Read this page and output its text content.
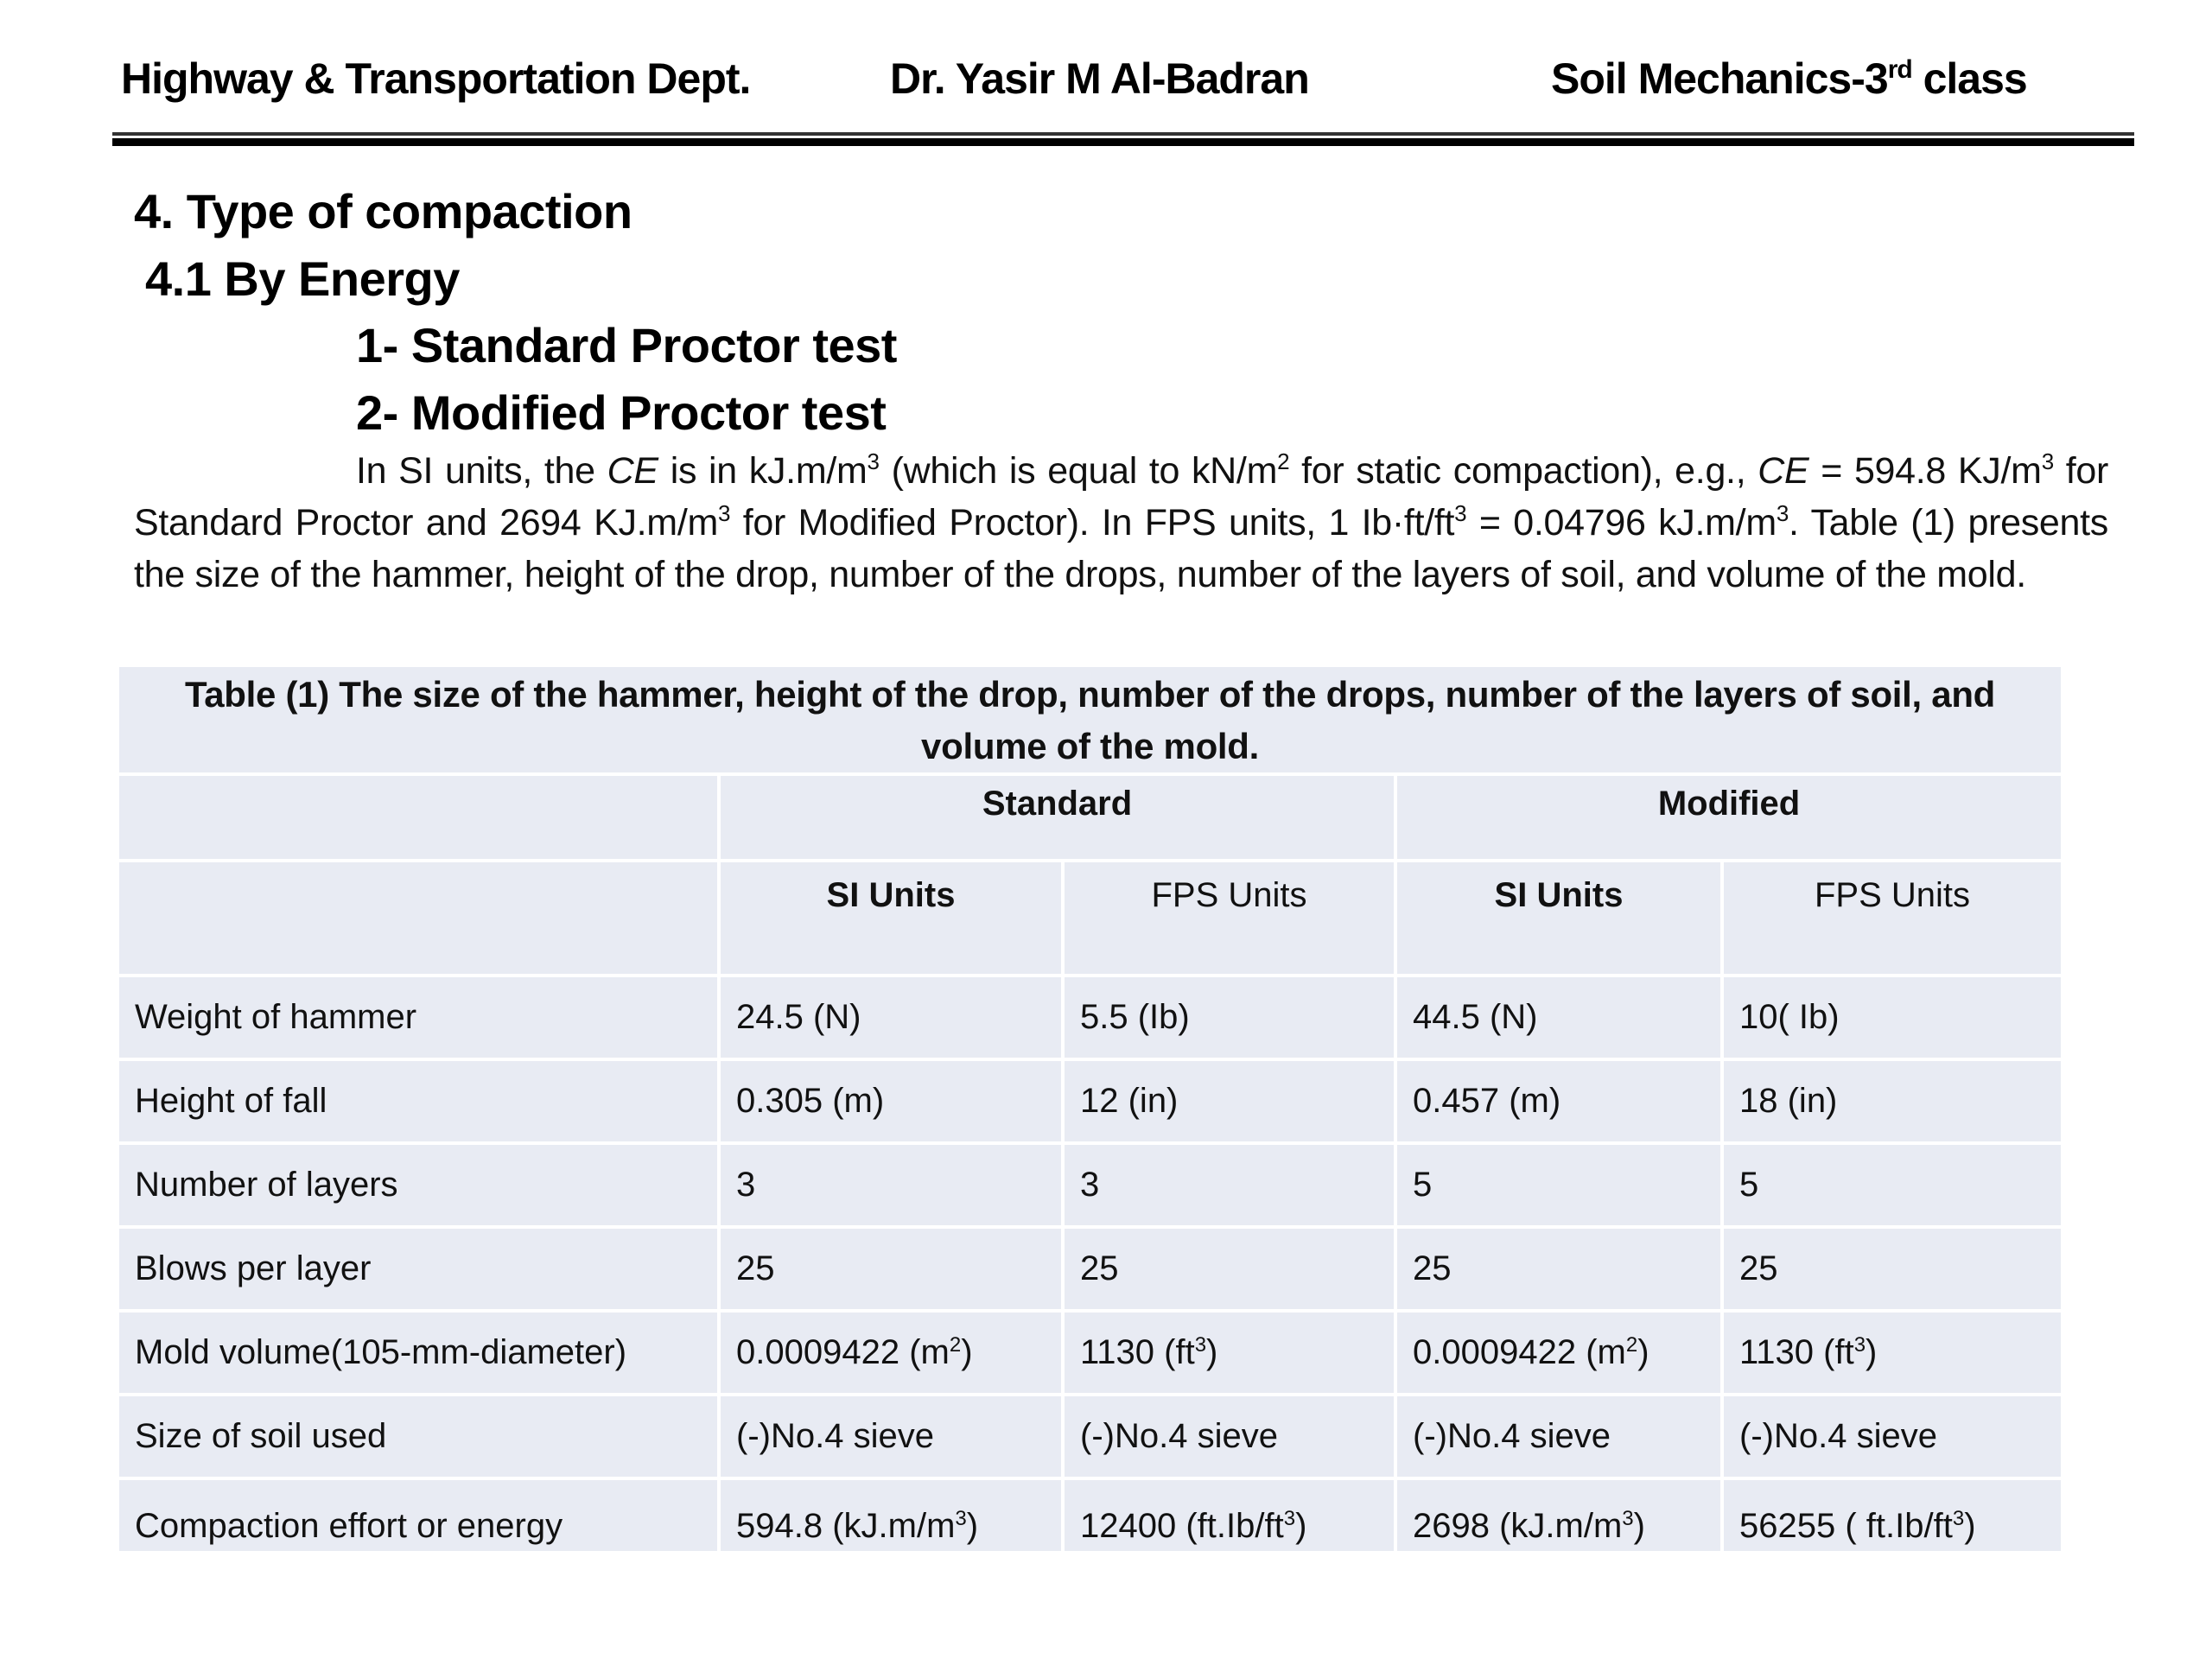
Highway & Transportation Dept.	Dr. Yasir M Al-Badran	Soil Mechanics-3rd class
4. Type of compaction
4.1 By Energy
1- Standard Proctor test
2- Modified Proctor test
In SI units, the CE is in $kJ.m/m^3$ (which is equal to $kN/m^2$ for static compaction), e.g., CE = 594.8 $KJ/m^3$ for Standard Proctor and 2694 $KJ.m/m^3$ for Modified Proctor). In FPS units, 1 $Ib\cdot ft/ft^3 = 0.04796$ $kJ.m/m^3$. Table (1) presents the size of the hammer, height of the drop, number of the drops, number of the layers of soil, and volume of the mold.
Table (1) The size of the hammer, height of the drop, number of the drops, number of the layers of soil, and volume of the mold.				
	Standard		Modified	
	SI Units	FPS Units	SI Units	FPS Units
Weight of hammer	24.5 (N)	5.5 (Ib)	44.5 (N)	10( Ib)
Height of fall	0.305 (m)	12 (in)	0.457 (m)	18 (in)
Number of layers	3	3	5	5
Blows per layer	25	25	25	25
Mold volume(105-mm-diameter)	0.0009422 $(m^2)$	1130 $(ft^3)$	0.0009422 $(m^2)$	1130 $(ft^3)$
Size of soil used	(-)No.4 sieve	(-)No.4 sieve	(-)No.4 sieve	(-)No.4 sieve
Compaction effort or energy	594.8 $(kJ.m/m^3)$	12400 $(ft.Ib/ft^3)$	2698 $(kJ.m/m^3)$	56255 ( $ft.Ib/ft^3$)
